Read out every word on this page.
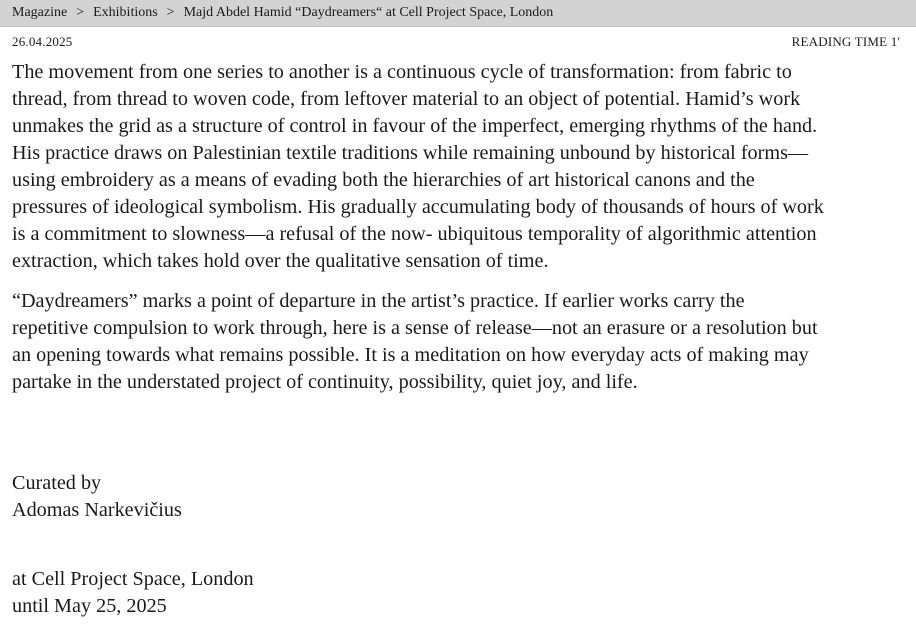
Magazine > Exhibitions > Majd Abdel Hamid “Daydreamers“ at Cell Project Space, London
26.04.2025	READING TIME 1'

The movement from one series to another is a continuous cycle of transformation: from fabric to thread, from thread to woven code, from leftover material to an object of potential. Hamid’s work unmakes the grid as a structure of control in favour of the imperfect, emerging rhythms of the hand. His practice draws on Palestinian textile traditions while remaining unbound by historical forms—using embroidery as a means of evading both the hierarchies of art historical canons and the pressures of ideological symbolism. His gradually accumulating body of thousands of hours of work is a commitment to slowness—a refusal of the now- ubiquitous temporality of algorithmic attention extraction, which takes hold over the qualitative sensation of time.

“Daydreamers” marks a point of departure in the artist’s practice. If earlier works carry the repetitive compulsion to work through, here is a sense of release—not an erasure or a resolution but an opening towards what remains possible. It is a meditation on how everyday acts of making may partake in the understated project of continuity, possibility, quiet joy, and life.

Curated by
Adomas Narkevičius
at Cell Project Space, London
until May 25, 2025
